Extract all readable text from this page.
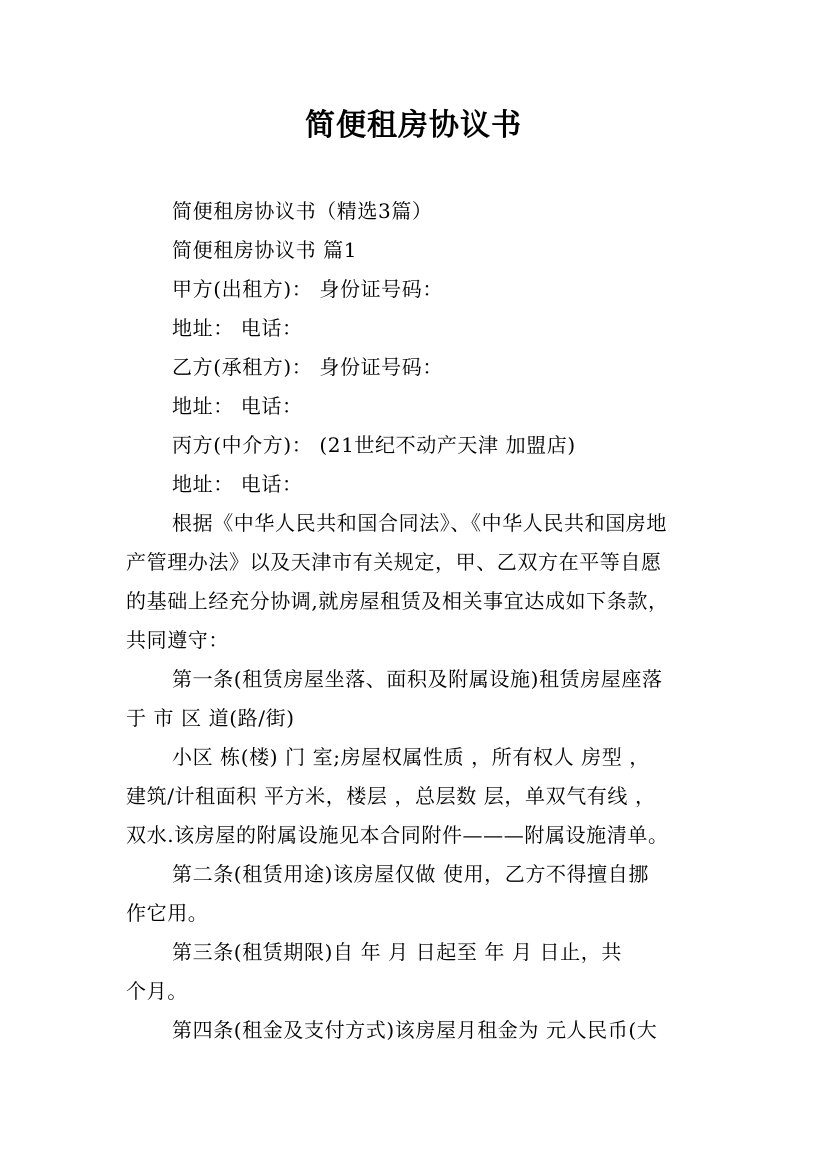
简便租房协议书
简便租房协议书（精选3篇）
简便租房协议书 篇1
甲方(出租方)： 身份证号码：
地址： 电话：
乙方(承租方)： 身份证号码：
地址： 电话：
丙方(中介方)： (21世纪不动产天津 加盟店)
地址： 电话：
根据《中华人民共和国合同法》、《中华人民共和国房地
产管理办法》以及天津市有关规定，甲、乙双方在平等自愿
的基础上经充分协调,就房屋租赁及相关事宜达成如下条款，
共同遵守：
第一条(租赁房屋坐落、面积及附属设施)租赁房屋座落
于 市 区 道(路/街)
小区 栋(楼) 门 室;房屋权属性质 ，所有权人 房型 ，
建筑/计租面积 平方米，楼层 ，总层数 层，单双气有线 ，
双水.该房屋的附属设施见本合同附件———附属设施清单。
第二条(租赁用途)该房屋仅做 使用，乙方不得擅自挪
作它用。
第三条(租赁期限)自 年 月 日起至 年 月 日止，共
个月。
第四条(租金及支付方式)该房屋月租金为 元人民币(大
